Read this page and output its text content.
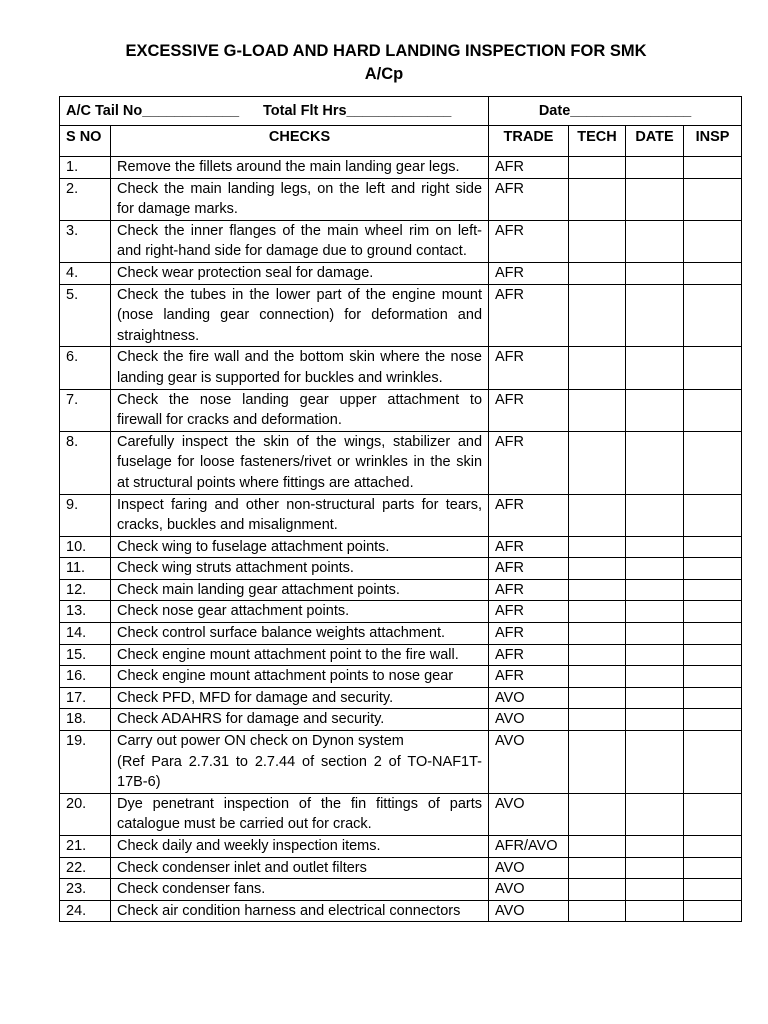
EXCESSIVE G-LOAD AND HARD LANDING INSPECTION FOR SMK
A/Cp
A/C Tail No____________ Total Flt Hrs_____________		Date_______________			
S NO	CHECKS	TRADE	TECH	DATE	INSP
1.	Remove the fillets around the main landing gear legs.	AFR			
2.	Check the main landing legs, on the left and right side for damage marks.	AFR			
3.	Check the inner flanges of the main wheel rim on left-and right-hand side for damage due to ground contact.	AFR			
4.	Check wear protection seal for damage.	AFR			
5.	Check the tubes in the lower part of the engine mount (nose landing gear connection) for deformation and straightness.	AFR			
6.	Check the fire wall and the bottom skin where the nose landing gear is supported for buckles and wrinkles.	AFR			
7.	Check the nose landing gear upper attachment to firewall for cracks and deformation.	AFR			
8.	Carefully inspect the skin of the wings, stabilizer and fuselage for loose fasteners/rivet or wrinkles in the skin at structural points where fittings are attached.	AFR			
9.	Inspect faring and other non-structural parts for tears, cracks, buckles and misalignment.	AFR			
10.	Check wing to fuselage attachment points.	AFR			
11.	Check wing struts attachment points.	AFR			
12.	Check main landing gear attachment points.	AFR			
13.	Check nose gear attachment points.	AFR			
14.	Check control surface balance weights attachment.	AFR			
15.	Check engine mount attachment point to the fire wall.	AFR			
16.	Check engine mount attachment points to nose gear	AFR			
17.	Check PFD, MFD for damage and security.	AVO			
18.	Check ADAHRS for damage and security.	AVO			
19.	Carry out power ON check on Dynon system
(Ref Para 2.7.31 to 2.7.44 of section 2 of TO-NAF1T-17B-6)	AVO			
20.	Dye penetrant inspection of the fin fittings of parts catalogue must be carried out for crack.	AVO			
21.	Check daily and weekly inspection items.	AFR/AVO			
22.	Check condenser inlet and outlet filters	AVO			
23.	Check condenser fans.	AVO			
24.	Check air condition harness and electrical connectors	AVO			
